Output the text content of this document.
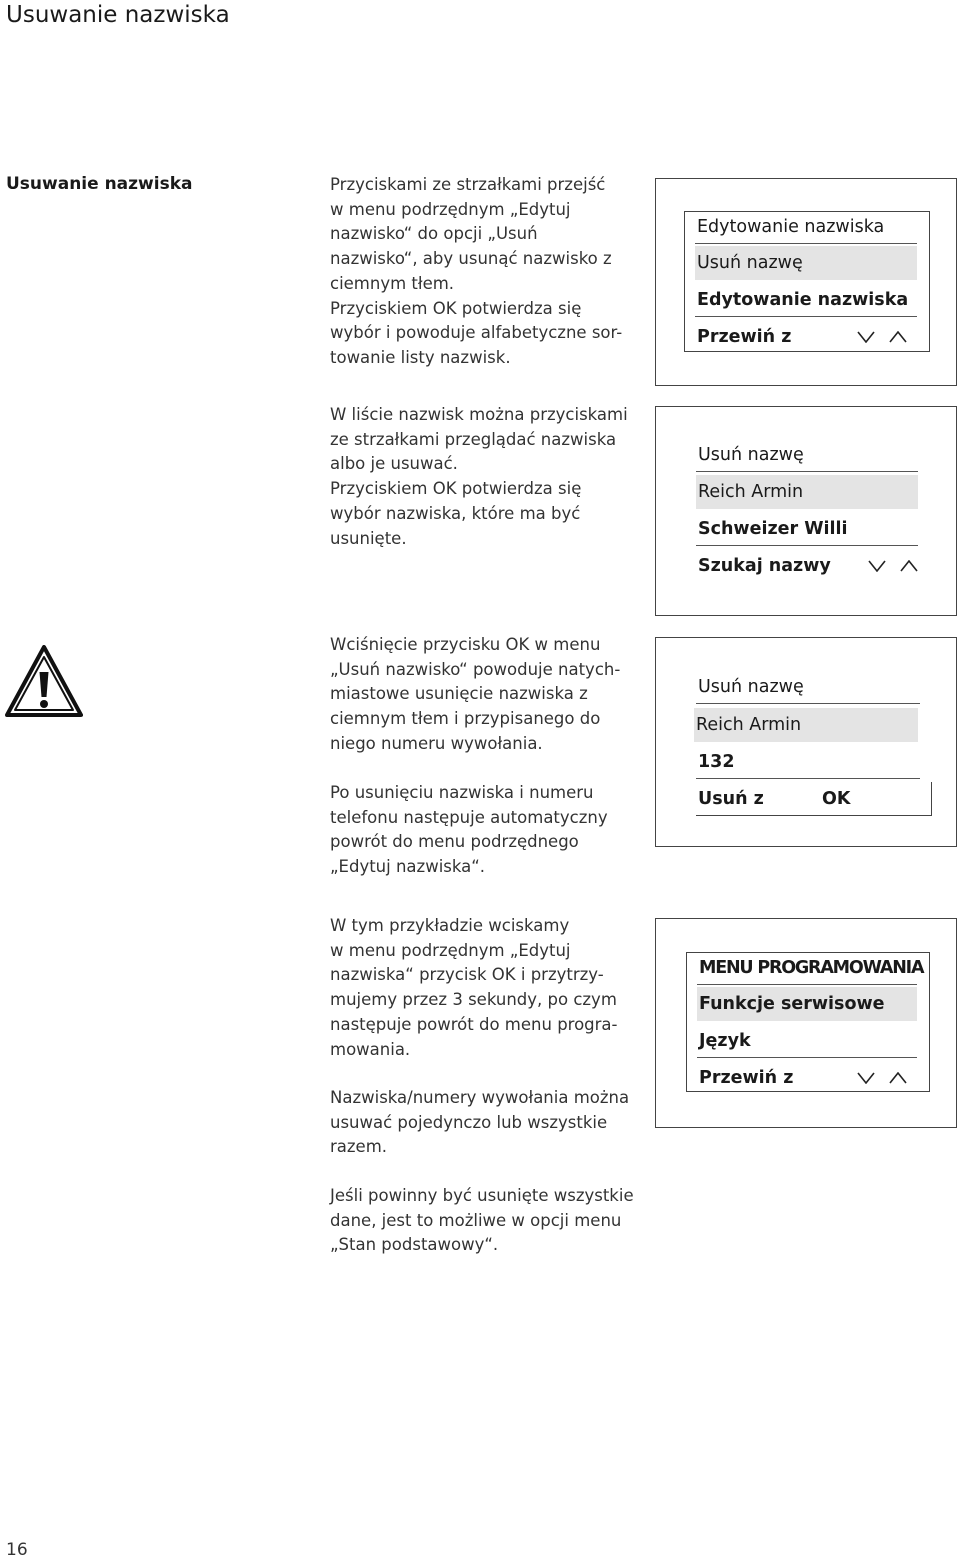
Usuwanie nazwiska
Usuwanie nazwiska	Przyciskami ze strzałkami przejść
w menu podrzędnym „Edytuj
nazwisko“ do opcji „Usuń
nazwisko“, aby usunąć nazwisko z
ciemnym tłem.
Przyciskiem OK potwierdza się
wybór i powoduje alfabetyczne sor-
towanie listy nazwisk.

W liście nazwisk można przyciskami
ze strzałkami przeglądać nazwiska
albo je usuwać.
Przyciskiem OK potwierdza się
wybór nazwiska, które ma być
usunięte.

Wciśnięcie przycisku OK w menu
„Usuń nazwisko“ powoduje natych-
miastowe usunięcie nazwiska z
ciemnym tłem i przypisanego do
niego numeru wywołania.

Po usunięciu nazwiska i numeru
telefonu następuje automatyczny
powrót do menu podrzędnego
„Edytuj nazwiska“.

W tym przykładzie wciskamy
w menu podrzędnym „Edytuj
nazwiska“ przycisk OK i przytrzy-
mujemy przez 3 sekundy, po czym
następuje powrót do menu progra-
mowania.

Nazwiska/numery wywołania można
usuwać pojedynczo lub wszystkie
razem.

Jeśli powinny być usunięte wszystkie
dane, jest to możliwe w opcji menu
„Stan podstawowy“.

Edytowanie nazwiska
Usuń nazwę
Edytowanie nazwiska
Przewiń z
Usuń nazwę
Reich Armin
Schweizer Willi
Szukaj nazwy
Usuń nazwę
Reich Armin
132
Usuń z	OK
MENU PROGRAMOWANIA
Funkcje serwisowe
Język
Przewiń z
16
